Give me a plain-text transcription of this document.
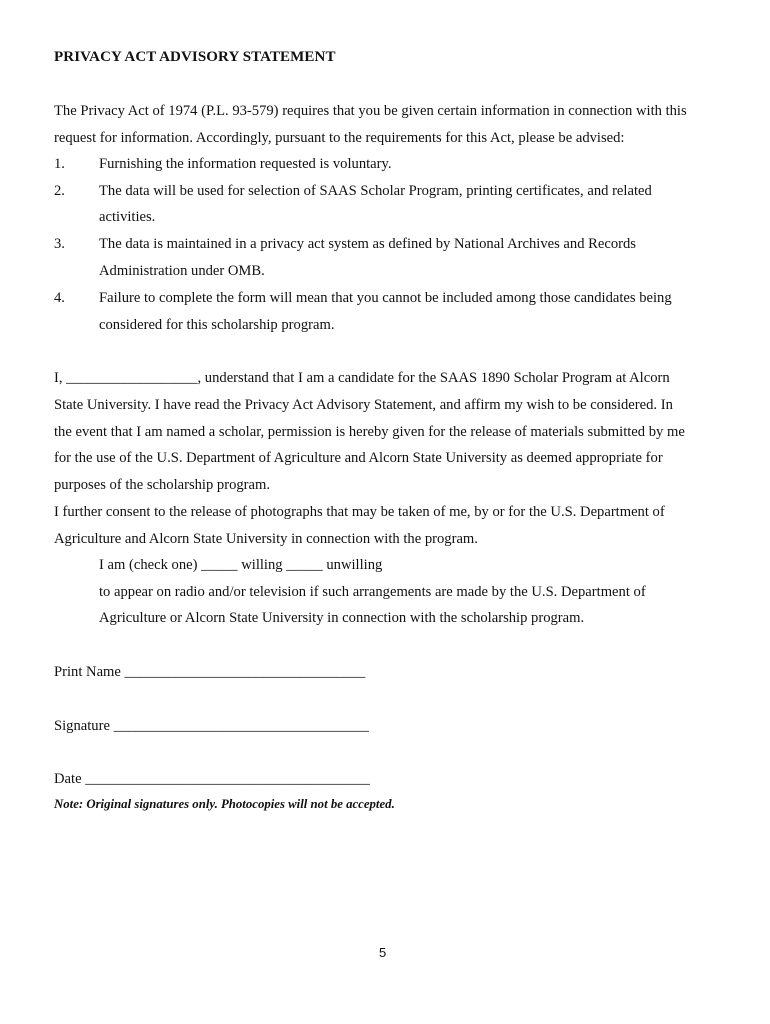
PRIVACY ACT ADVISORY STATEMENT
The Privacy Act of 1974 (P.L. 93-579) requires that you be given certain information in connection with this
request for information. Accordingly, pursuant to the requirements for this Act, please be advised:
1. Furnishing the information requested is voluntary.
2. The data will be used for selection of SAAS Scholar Program, printing certificates, and related
activities.
3. The data is maintained in a privacy act system as defined by National Archives and Records
Administration under OMB.
4. Failure to complete the form will mean that you cannot be included among those candidates being
considered for this scholarship program.
I, __________________, understand that I am a candidate for the SAAS 1890 Scholar Program at Alcorn
State University. I have read the Privacy Act Advisory Statement, and affirm my wish to be considered. In
the event that I am named a scholar, permission is hereby given for the release of materials submitted by me
for the use of the U.S. Department of Agriculture and Alcorn State University as deemed appropriate for
purposes of the scholarship program.
I further consent to the release of photographs that may be taken of me, by or for the U.S. Department of
Agriculture and Alcorn State University in connection with the program.
I am (check one) _____ willing _____ unwilling
to appear on radio and/or television if such arrangements are made by the U.S. Department of
Agriculture or Alcorn State University in connection with the scholarship program.
Print Name _________________________________
Signature ___________________________________
Date _______________________________________
Note: Original signatures only. Photocopies will not be accepted.
5
